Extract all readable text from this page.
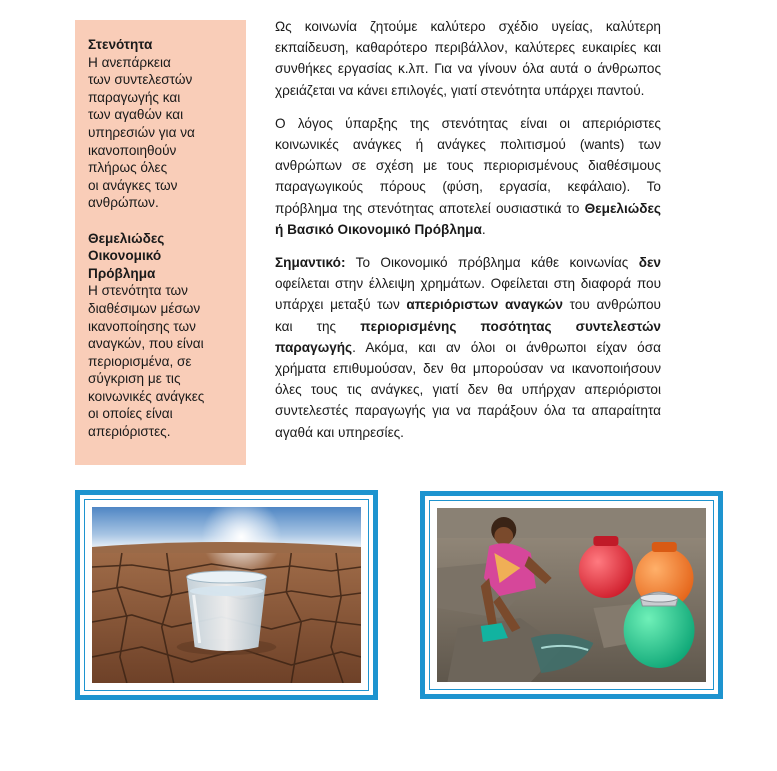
Στενότητα
Η ανεπάρκεια
των συντελεστών
παραγωγής και
των αγαθών και
υπηρεσιών για να
ικανοποιηθούν
πλήρως όλες
οι ανάγκες των
ανθρώπων.
Θεμελιώδες
Οικονομικό
Πρόβλημα
Η στενότητα των
διαθέσιμων μέσων
ικανοποίησης των
αναγκών, που είναι
περιορισμένα, σε
σύγκριση με τις
κοινωνικές ανάγκες
οι οποίες είναι
απεριόριστες.

Ως κοινωνία ζητούμε καλύτερο σχέδιο υγείας, καλύτερη εκπαίδευση, καθαρότερο περιβάλλον, καλύτερες ευκαιρίες και συνθήκες εργασίας κ.λπ. Για να γίνουν όλα αυτά ο άνθρωπος χρειάζεται να κάνει επιλογές, γιατί στενότητα υπάρχει παντού.

Ο λόγος ύπαρξης της στενότητας είναι οι απεριόριστες κοινωνικές ανάγκες ή ανάγκες πολιτισμού (wants) των ανθρώπων σε σχέση με τους περιορισμένους διαθέσιμους παραγωγικούς πόρους (φύση, εργασία, κεφάλαιο). Το πρόβλημα της στενότητας αποτελεί ουσιαστικά το Θεμελιώδες ή Βασικό Οικονομικό Πρόβλημα.

Σημαντικό: Το Οικονομικό πρόβλημα κάθε κοινωνίας δεν οφείλεται στην έλλειψη χρημάτων. Οφείλεται στη διαφορά που υπάρχει μεταξύ των απεριόριστων αναγκών του ανθρώπου και της περιορισμένης ποσότητας συντελεστών παραγωγής. Ακόμα, και αν όλοι οι άνθρωποι είχαν όσα χρήματα επιθυμούσαν, δεν θα μπορούσαν να ικανοποιήσουν όλες τους τις ανάγκες, γιατί δεν θα υπήρχαν απεριόριστοι συντελεστές παραγωγής για να παράξουν όλα τα απαραίτητα αγαθά και υπηρεσίες.
